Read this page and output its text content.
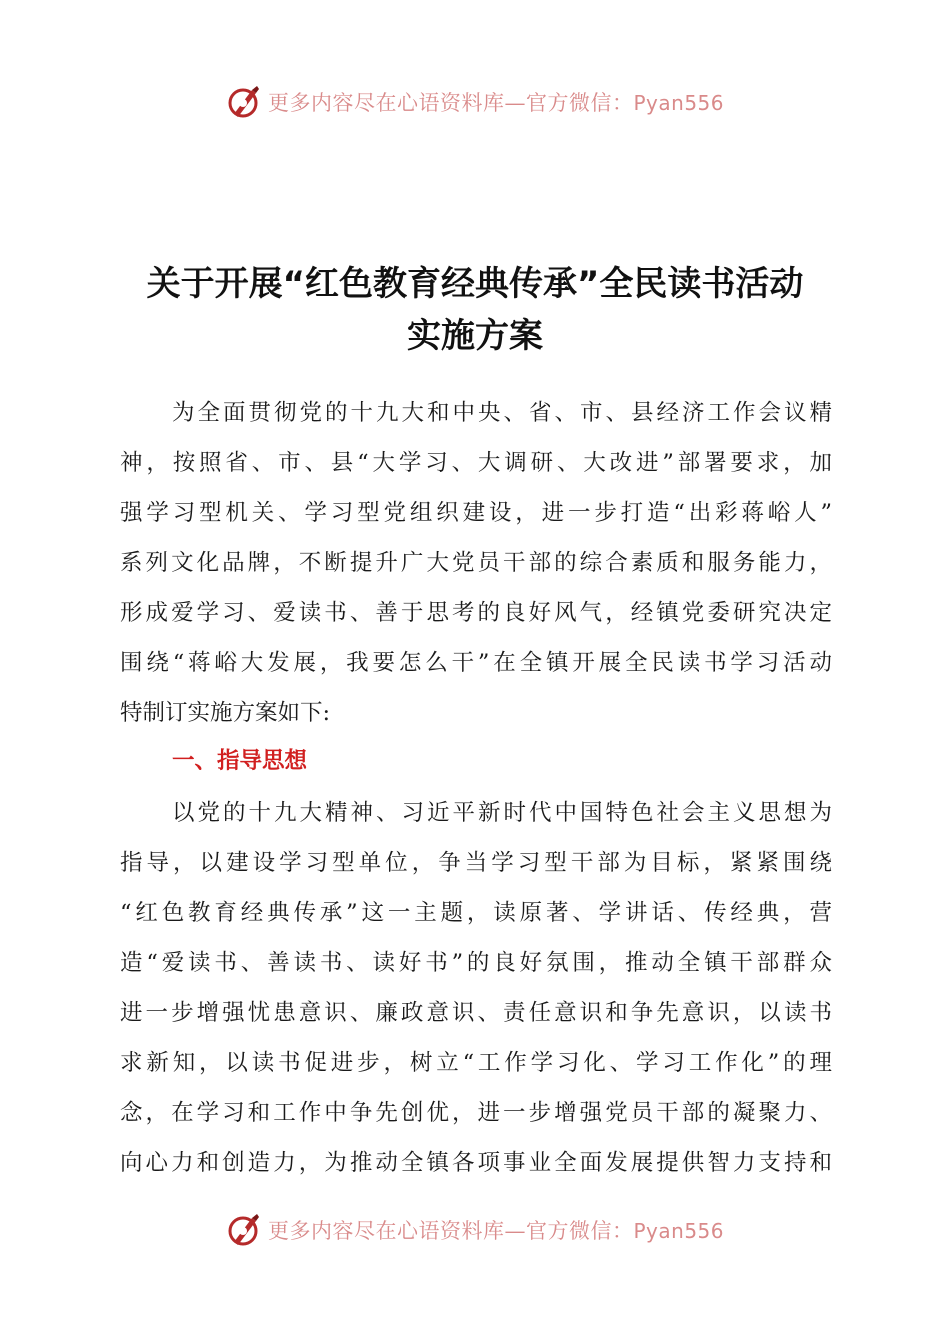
更多内容尽在心语资料库—官方微信：Pyan556
关于开展“红色教育经典传承”全民读书活动
实施方案
为全面贯彻党的十九大和中央、省、市、县经济工作会议精
神，按照省、市、县“大学习、大调研、大改进”部署要求，加
强学习型机关、学习型党组织建设，进一步打造“出彩蒋峪人”
系列文化品牌，不断提升广大党员干部的综合素质和服务能力，
形成爱学习、爱读书、善于思考的良好风气，经镇党委研究决定
围绕“蒋峪大发展，我要怎么干”在全镇开展全民读书学习活动
特制订实施方案如下:
以党的十九大精神、习近平新时代中国特色社会主义思想为
指导，以建设学习型单位，争当学习型干部为目标，紧紧围绕
“红色教育经典传承”这一主题，读原著、学讲话、传经典，营
造“爱读书、善读书、读好书”的良好氛围，推动全镇干部群众
进一步增强忧患意识、廉政意识、责任意识和争先意识，以读书
求新知，以读书促进步，树立“工作学习化、学习工作化”的理
念，在学习和工作中争先创优，进一步增强党员干部的凝聚力、
向心力和创造力，为推动全镇各项事业全面发展提供智力支持和
一、指导思想
更多内容尽在心语资料库—官方微信：Pyan556
